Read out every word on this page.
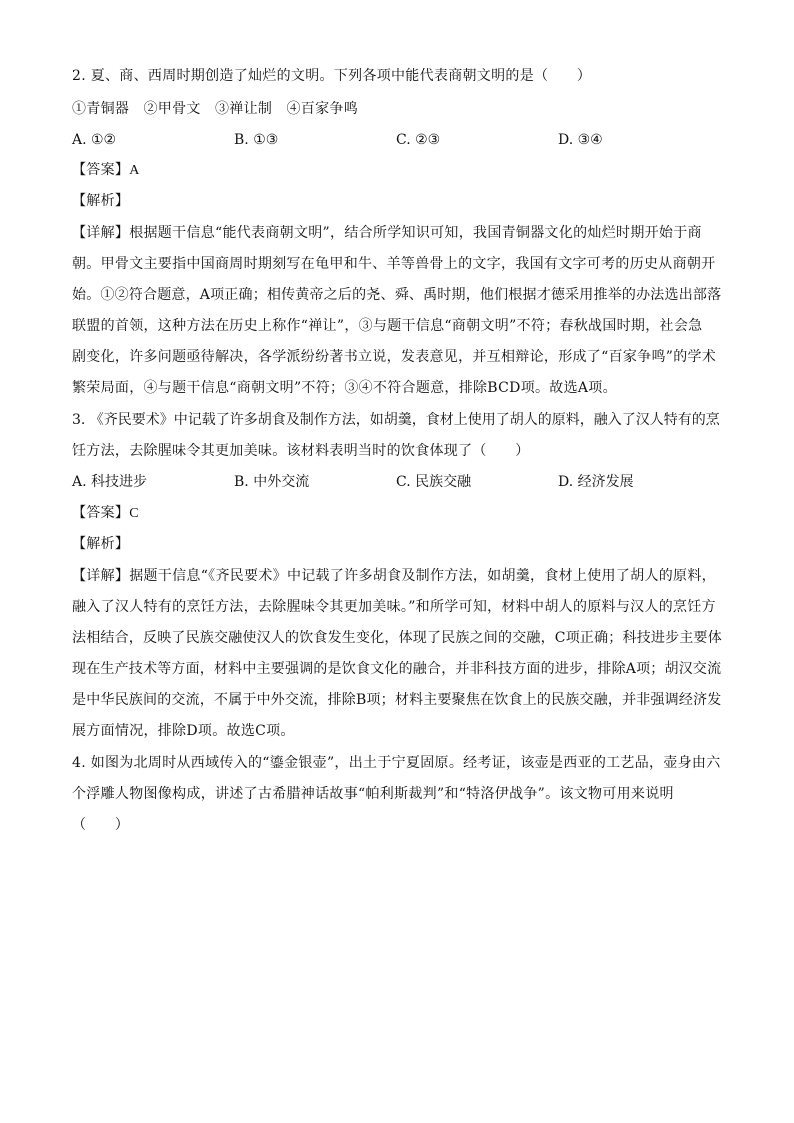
2. 夏、商、西周时期创造了灿烂的文明。下列各项中能代表商朝文明的是（　　）
①青铜器　②甲骨文　③禅让制　④百家争鸣
A. ①②	B. ①③	C. ②③	D. ③④
【答案】A
【解析】
【详解】根据题干信息“能代表商朝文明”，结合所学知识可知，我国青铜器文化的灿烂时期开始于商
朝。甲骨文主要指中国商周时期刻写在龟甲和牛、羊等兽骨上的文字，我国有文字可考的历史从商朝开
始。①②符合题意，A项正确；相传黄帝之后的尧、舜、禹时期，他们根据才德采用推举的办法选出部落
联盟的首领，这种方法在历史上称作“禅让”，③与题干信息“商朝文明”不符；春秋战国时期，社会急
剧变化，许多问题亟待解决，各学派纷纷著书立说，发表意见，并互相辩论，形成了“百家争鸣”的学术
繁荣局面，④与题干信息“商朝文明”不符；③④不符合题意，排除BCD项。故选A项。
3. 《齐民要术》中记载了许多胡食及制作方法，如胡羹，食材上使用了胡人的原料，融入了汉人特有的烹
饪方法，去除腥味令其更加美味。该材料表明当时的饮食体现了（　　）
A. 科技进步	B. 中外交流	C. 民族交融	D. 经济发展
【答案】C
【解析】
【详解】据题干信息“《齐民要术》中记载了许多胡食及制作方法，如胡羹，食材上使用了胡人的原料，
融入了汉人特有的烹饪方法，去除腥味令其更加美味。”和所学可知，材料中胡人的原料与汉人的烹饪方
法相结合，反映了民族交融使汉人的饮食发生变化，体现了民族之间的交融，C项正确；科技进步主要体
现在生产技术等方面，材料中主要强调的是饮食文化的融合，并非科技方面的进步，排除A项；胡汉交流
是中华民族间的交流，不属于中外交流，排除B项；材料主要聚焦在饮食上的民族交融，并非强调经济发
展方面情况，排除D项。故选C项。
4. 如图为北周时从西域传入的“鎏金银壶”，出土于宁夏固原。经考证，该壶是西亚的工艺品，壶身由六
个浮雕人物图像构成，讲述了古希腊神话故事“帕利斯裁判”和“特洛伊战争”。该文物可用来说明
（　　）
